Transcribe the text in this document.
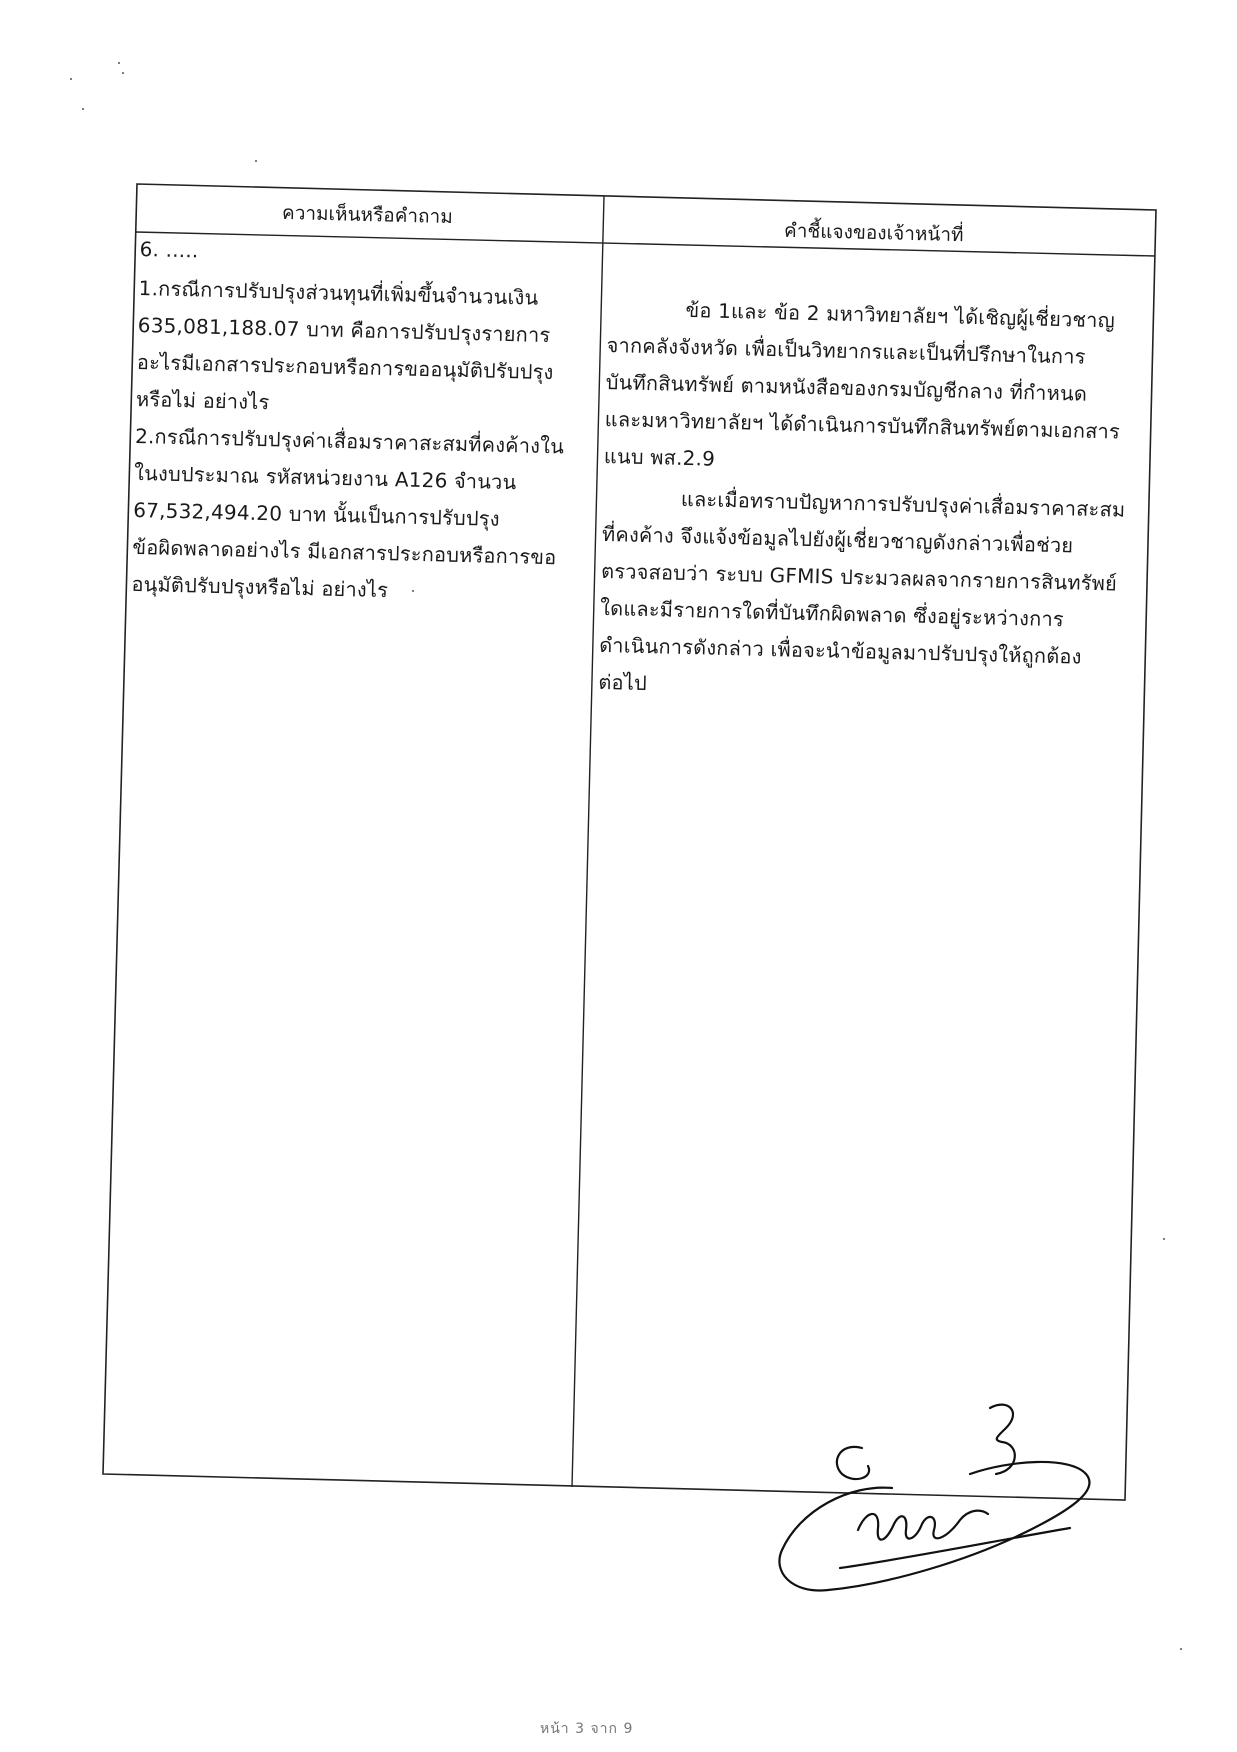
ความเห็นหรือคำถาม
คำชี้แจงของเจ้าหน้าที่

6. .....

1.กรณีการปรับปรุงส่วนทุนที่เพิ่มขึ้นจำนวนเงิน

635,081,188.07 บาท คือการปรับปรุงรายการ

อะไรมีเอกสารประกอบหรือการขออนุมัติปรับปรุง

หรือไม่ อย่างไร

2.กรณีการปรับปรุงค่าเสื่อมราคาสะสมที่คงค้างใน

ในงบประมาณ รหัสหน่วยงาน A126 จำนวน

67,532,494.20 บาท นั้นเป็นการปรับปรุง

ข้อผิดพลาดอย่างไร มีเอกสารประกอบหรือการขอ

อนุมัติปรับปรุงหรือไม่ อย่างไร

ข้อ 1และ ข้อ 2 มหาวิทยาลัยฯ ได้เชิญผู้เชี่ยวชาญ

จากคลังจังหวัด เพื่อเป็นวิทยากรและเป็นที่ปรึกษาในการ

บันทึกสินทรัพย์ ตามหนังสือของกรมบัญชีกลาง ที่กำหนด

และมหาวิทยาลัยฯ ได้ดำเนินการบันทึกสินทรัพย์ตามเอกสาร

แนบ พส.2.9

และเมื่อทราบปัญหาการปรับปรุงค่าเสื่อมราคาสะสม

ที่คงค้าง จึงแจ้งข้อมูลไปยังผู้เชี่ยวชาญดังกล่าวเพื่อช่วย

ตรวจสอบว่า ระบบ GFMIS ประมวลผลจากรายการสินทรัพย์

ใดและมีรายการใดที่บันทึกผิดพลาด ซึ่งอยู่ระหว่างการ

ดำเนินการดังกล่าว เพื่อจะนำข้อมูลมาปรับปรุงให้ถูกต้อง

ต่อไป

หน้า 3 จาก 9
